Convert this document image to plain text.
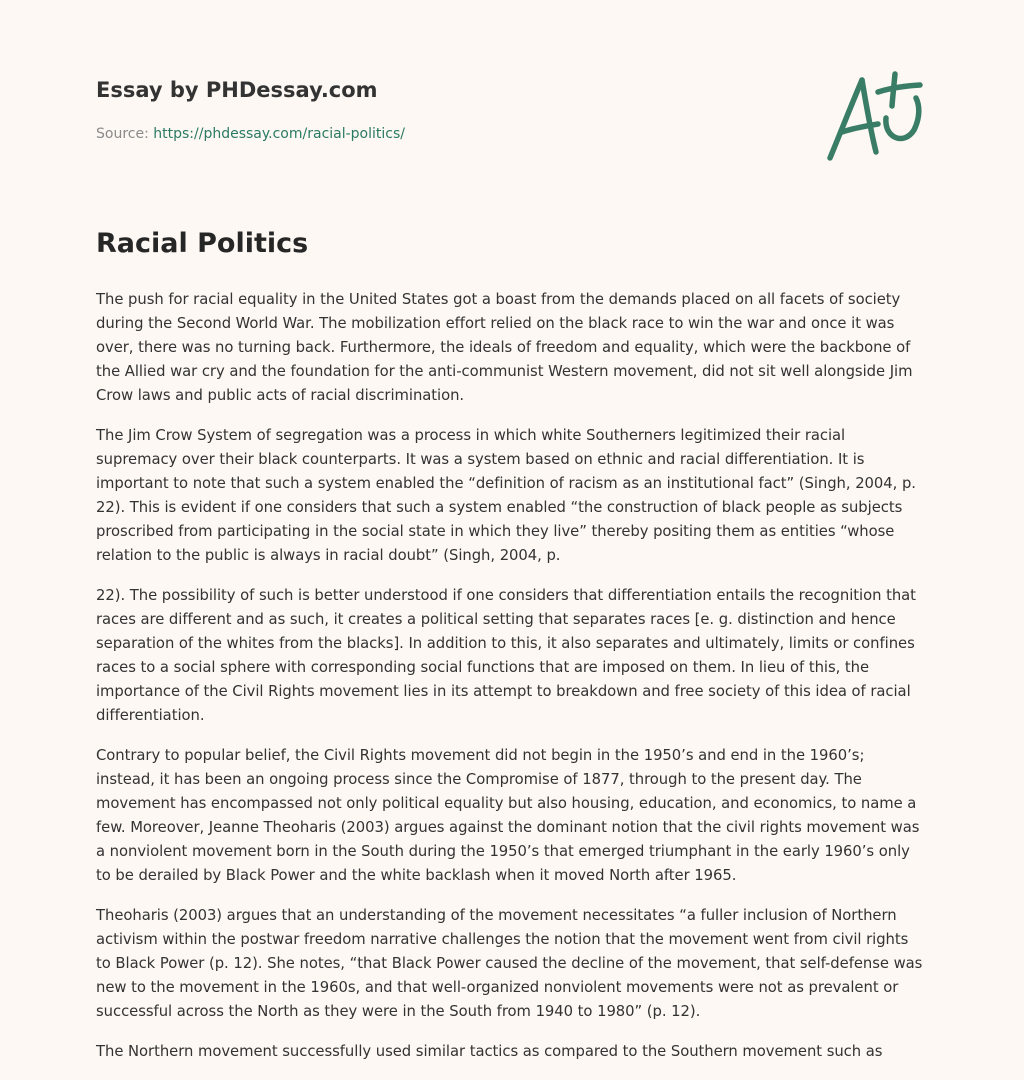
Essay by PHDessay.com
Source: https://phdessay.com/racial-politics/
Racial Politics

The push for racial equality in the United States got a boast from the demands placed on all facets of society during the Second World War. The mobilization effort relied on the black race to win the war and once it was over, there was no turning back. Furthermore, the ideals of freedom and equality, which were the backbone of the Allied war cry and the foundation for the anti-communist Western movement, did not sit well alongside Jim Crow laws and public acts of racial discrimination.

The Jim Crow System of segregation was a process in which white Southerners legitimized their racial supremacy over their black counterparts. It was a system based on ethnic and racial differentiation. It is important to note that such a system enabled the “definition of racism as an institutional fact” (Singh, 2004, p. 22). This is evident if one considers that such a system enabled “the construction of black people as subjects proscribed from participating in the social state in which they live” thereby positing them as entities “whose relation to the public is always in racial doubt” (Singh, 2004, p.

22). The possibility of such is better understood if one considers that differentiation entails the recognition that races are different and as such, it creates a political setting that separates races [e. g. distinction and hence separation of the whites from the blacks]. In addition to this, it also separates and ultimately, limits or confines races to a social sphere with corresponding social functions that are imposed on them. In lieu of this, the importance of the Civil Rights movement lies in its attempt to breakdown and free society of this idea of racial differentiation.

Contrary to popular belief, the Civil Rights movement did not begin in the 1950’s and end in the 1960’s; instead, it has been an ongoing process since the Compromise of 1877, through to the present day. The movement has encompassed not only political equality but also housing, education, and economics, to name a few. Moreover, Jeanne Theoharis (2003) argues against the dominant notion that the civil rights movement was a nonviolent movement born in the South during the 1950’s that emerged triumphant in the early 1960’s only to be derailed by Black Power and the white backlash when it moved North after 1965.

Theoharis (2003) argues that an understanding of the movement necessitates “a fuller inclusion of Northern activism within the postwar freedom narrative challenges the notion that the movement went from civil rights to Black Power (p. 12). She notes, “that Black Power caused the decline of the movement, that self-defense was new to the movement in the 1960s, and that well-organized nonviolent movements were not as prevalent or successful across the North as they were in the South from 1940 to 1980” (p. 12).

The Northern movement successfully used similar tactics as compared to the Southern movement such as
